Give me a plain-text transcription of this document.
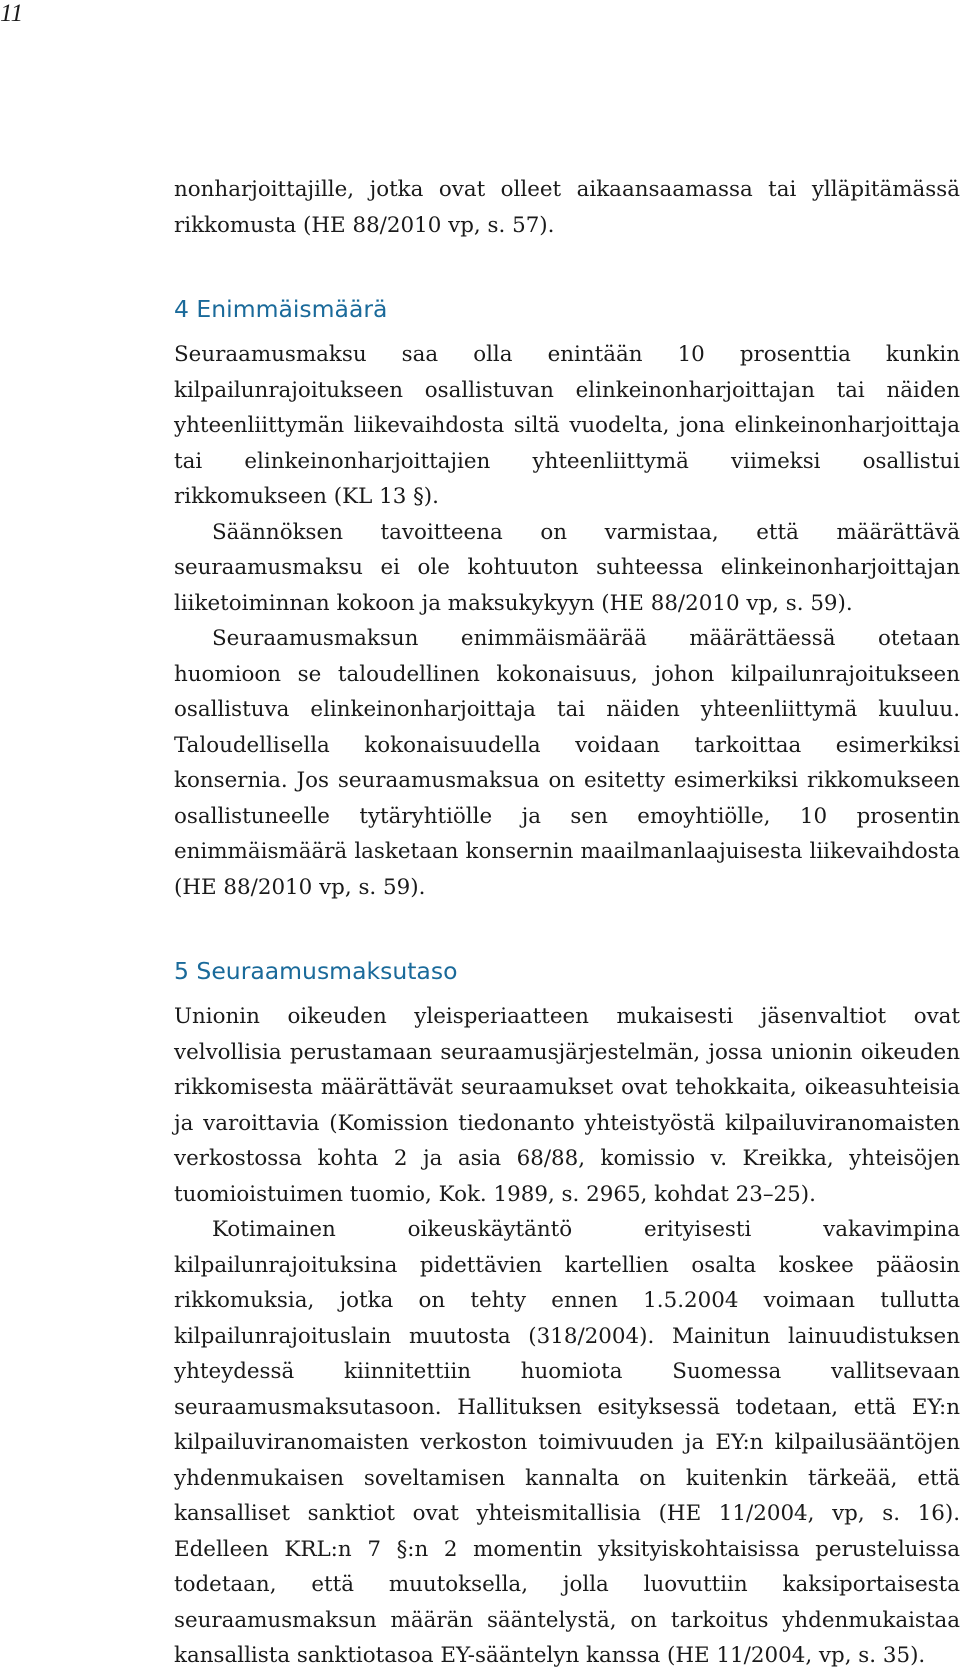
11

nonharjoittajille, jotka ovat olleet aikaansaamassa tai ylläpitämässä rikkomusta (HE 88/2010 vp, s. 57).

4 Enimmäismäärä

Seuraamusmaksu saa olla enintään 10 prosenttia kunkin kilpailunrajoitukseen osallistuvan elinkeinonharjoittajan tai näiden yhteenliittymän liikevaihdosta siltä vuodelta, jona elinkeinonharjoittaja tai elinkeinonharjoittajien yhteenliittymä viimeksi osallistui rikkomukseen (KL 13 §).

Säännöksen tavoitteena on varmistaa, että määrättävä seuraamusmaksu ei ole kohtuuton suhteessa elinkeinonharjoittajan liiketoiminnan kokoon ja maksukykyyn (HE 88/2010 vp, s. 59).

Seuraamusmaksun enimmäismäärää määrättäessä otetaan huomioon se taloudellinen kokonaisuus, johon kilpailunrajoitukseen osallistuva elinkeinonharjoittaja tai näiden yhteenliittymä kuuluu. Taloudellisella kokonaisuudella voidaan tarkoittaa esimerkiksi konsernia. Jos seuraamusmaksua on esitetty esimerkiksi rikkomukseen osallistuneelle tytäryhtiölle ja sen emoyhtiölle, 10 prosentin enimmäismäärä lasketaan konsernin maailmanlaajuisesta liikevaihdosta (HE 88/2010 vp, s. 59).

5 Seuraamusmaksutaso

Unionin oikeuden yleisperiaatteen mukaisesti jäsenvaltiot ovat velvollisia perustamaan seuraamusjärjestelmän, jossa unionin oikeuden rikkomisesta määrättävät seuraamukset ovat tehokkaita, oikeasuhteisia ja varoittavia (Komission tiedonanto yhteistyöstä kilpailuviranomaisten verkostossa kohta 2 ja asia 68/88, komissio v. Kreikka, yhteisöjen tuomioistuimen tuomio, Kok. 1989, s. 2965, kohdat 23–25).

Kotimainen oikeuskäytäntö erityisesti vakavimpina kilpailunrajoituksina pidettävien kartellien osalta koskee pääosin rikkomuksia, jotka on tehty ennen 1.5.2004 voimaan tullutta kilpailunrajoituslain muutosta (318/2004). Mainitun lainuudistuksen yhteydessä kiinnitettiin huomiota Suomessa vallitsevaan seuraamusmaksutasoon. Hallituksen esityksessä todetaan, että EY:n kilpailuviranomaisten verkoston toimivuuden ja EY:n kilpailusääntöjen yhdenmukaisen soveltamisen kannalta on kuitenkin tärkeää, että kansalliset sanktiot ovat yhteismitallisia (HE 11/2004, vp, s. 16). Edelleen KRL:n 7 §:n 2 momentin yksityiskohtaisissa perusteluissa todetaan, että muutoksella, jolla luovuttiin kaksiportaisesta seuraamusmaksun määrän sääntelystä, on tarkoitus yhdenmukaistaa kansallista sanktiotasoa EY-sääntelyn kanssa (HE 11/2004, vp, s. 35).
